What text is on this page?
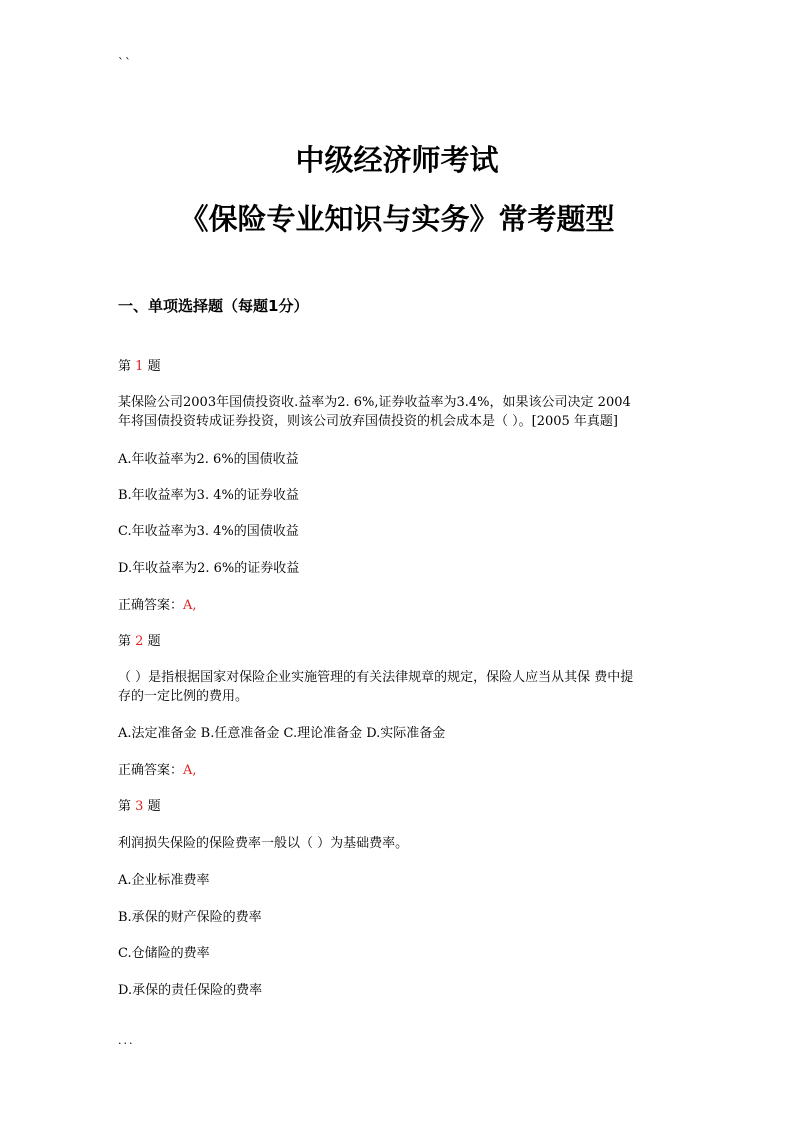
``
中级经济师考试
《保险专业知识与实务》常考题型
一、单项选择题（每题1分）
第 1 题
某保险公司2003年国债投资收.益率为2. 6%,证券收益率为3.4%，如果该公司决定 2004
年将国债投资转成证券投资，则该公司放弃国债投资的机会成本是（ ）。[2005 年真题]
A.年收益率为2. 6%的国债收益
B.年收益率为3. 4%的证券收益
C.年收益率为3. 4%的国债收益
D.年收益率为2. 6%的证券收益
正确答案：A,
第 2 题
（ ）是指根据国家对保险企业实施管理的有关法律规章的规定，保险人应当从其保 费中提
存的一定比例的费用。
A.法定准备金 B.任意准备金 C.理论准备金 D.实际准备金
正确答案：A,
第 3 题
利润损失保险的保险费率一般以（ ）为基础费率。
A.企业标准费率
B.承保的财产保险的费率
C.仓储险的费率
D.承保的责任保险的费率
...
